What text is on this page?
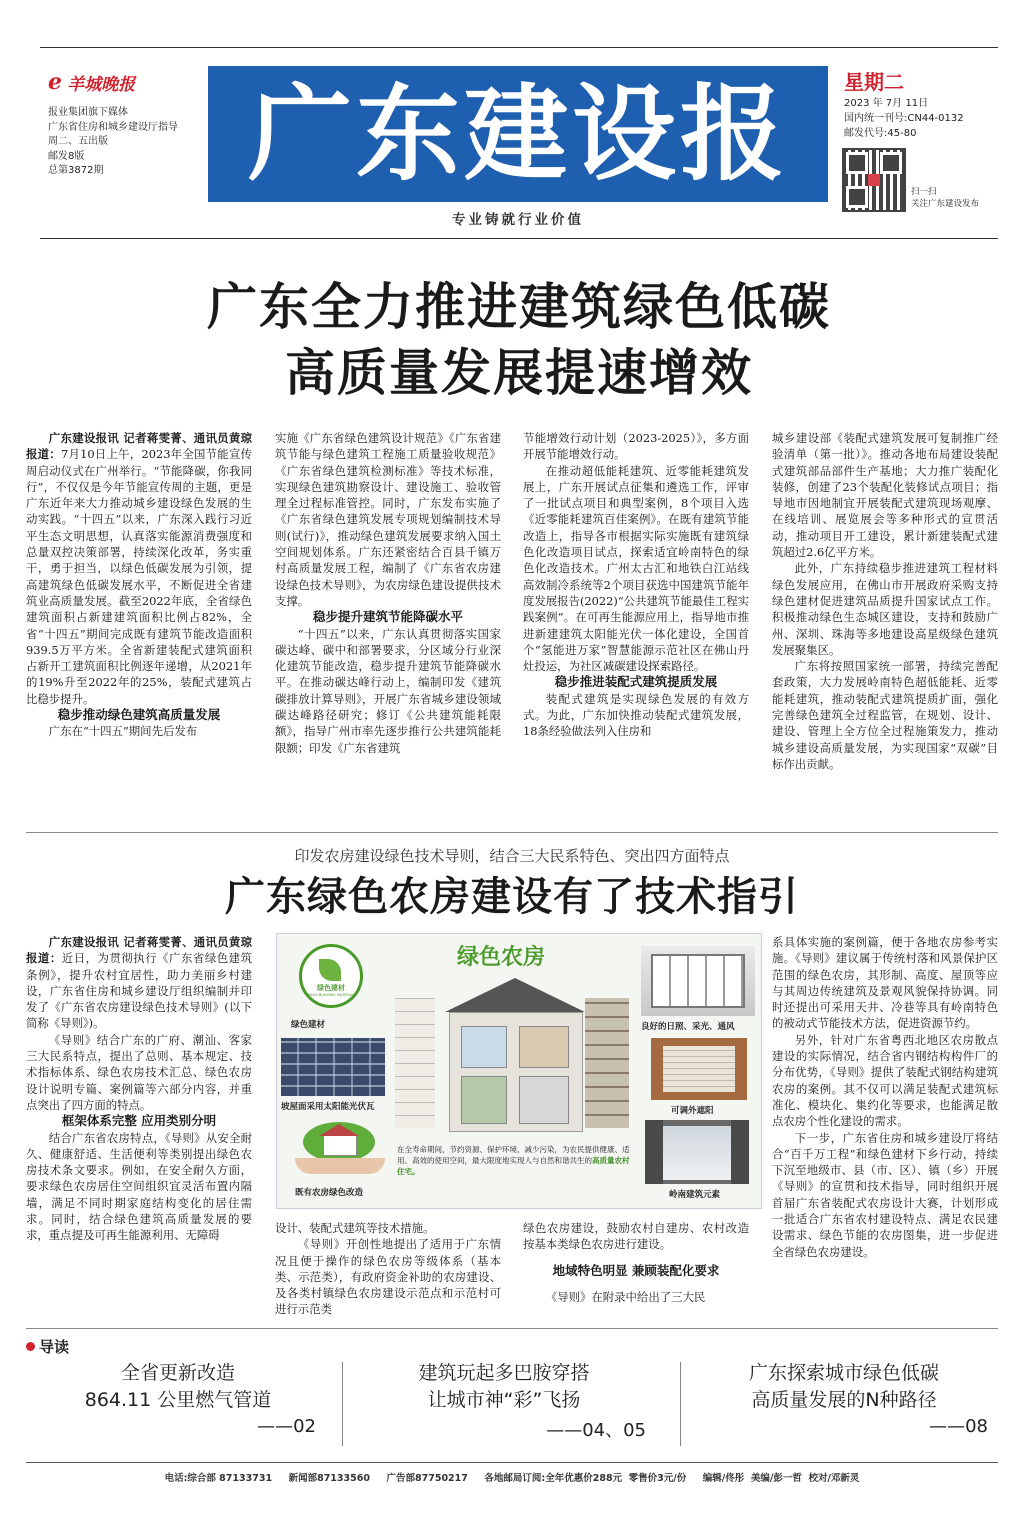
ℯ 羊城晚报
报业集团旗下媒体
广东省住房和城乡建设厅指导
周二、五出版
邮发8版
总第3872期	广东建设报
专业铸就行业价值
星期二
2023 年 7月 11日
国内统一刊号:CN44-0132
邮发代号:45-80
扫一扫
关注广东建设发布
广东全力推进建筑绿色低碳
高质量发展提速增效

广东建设报讯 记者蒋雯菁、通讯员黄琼报道：7月10日上午，2023年全国节能宣传周启动仪式在广州举行。“节能降碳，你我同行”，不仅仅是今年节能宣传周的主题，更是广东近年来大力推动城乡建设绿色发展的生动实践。“十四五”以来，广东深入践行习近平生态文明思想，认真落实能源消费强度和总量双控决策部署，持续深化改革，务实重干，勇于担当，以绿色低碳发展为引领，提高建筑绿色低碳发展水平，不断促进全省建筑业高质量发展。截至2022年底，全省绿色建筑面积占新建建筑面积比例占82%，全省“十四五”期间完成既有建筑节能改造面积939.5万平方米。全省新建装配式建筑面积占新开工建筑面积比例逐年递增，从2021年的19%升至2022年的25%，装配式建筑占比稳步提升。

稳步推动绿色建筑高质量发展

广东在“十四五”期间先后发布

实施《广东省绿色建筑设计规范》《广东省建筑节能与绿色建筑工程施工质量验收规范》《广东省绿色建筑检测标准》等技术标准，实现绿色建筑勘察设计、建设施工、验收管理全过程标准管控。同时，广东发布实施了《广东省绿色建筑发展专项规划编制技术导则(试行)》，推动绿色建筑发展要求纳入国土空间规划体系。广东还紧密结合百县千镇万村高质量发展工程，编制了《广东省农房建设绿色技术导则》，为农房绿色建设提供技术支撑。

稳步提升建筑节能降碳水平

“十四五”以来，广东认真贯彻落实国家碳达峰、碳中和部署要求，分区域分行业深化建筑节能改造，稳步提升建筑节能降碳水平。在推动碳达峰行动上，编制印发《建筑碳排放计算导则》，开展广东省城乡建设领域碳达峰路径研究；修订《公共建筑能耗限额》，指导广州市率先逐步推行公共建筑能耗限额；印发《广东省建筑

节能增效行动计划（2023-2025）》，多方面开展节能增效行动。

在推动超低能耗建筑、近零能耗建筑发展上，广东开展试点征集和遴选工作，评审了一批试点项目和典型案例，8个项目入选《近零能耗建筑百佳案例》。在既有建筑节能改造上，指导各市根据实际实施既有建筑绿色化改造项目试点，探索适宜岭南特色的绿色化改造技术。广州太古汇和地铁白江站线高效制冷系统等2个项目获选中国建筑节能年度发展报告(2022)“公共建筑节能最佳工程实践案例”。在可再生能源应用上，指导地市推进新建建筑太阳能光伏一体化建设，全国首个“氢能进万家”智慧能源示范社区在佛山丹灶投运，为社区减碳建设探索路径。

稳步推进装配式建筑提质发展

装配式建筑是实现绿色发展的有效方式。为此，广东加快推动装配式建筑发展，18条经验做法列入住房和

城乡建设部《装配式建筑发展可复制推广经验清单（第一批）》。推动各地布局建设装配式建筑部品部件生产基地；大力推广装配化装修，创建了23个装配化装修试点项目；指导地市因地制宜开展装配式建筑现场观摩、在线培训、展览展会等多种形式的宣贯活动，推动项目开工建设，累计新建装配式建筑超过2.6亿平方米。

此外，广东持续稳步推进建筑工程材料绿色发展应用，在佛山市开展政府采购支持绿色建材促进建筑品质提升国家试点工作。积极推动绿色生态城区建设，支持和鼓励广州、深圳、珠海等多地建设高星级绿色建筑发展聚集区。

广东将按照国家统一部署，持续完善配套政策，大力发展岭南特色超低能耗、近零能耗建筑，推动装配式建筑提质扩面，强化完善绿色建筑全过程监管，在规划、设计、建设、管理上全方位全过程施策发力，推动城乡建设高质量发展，为实现国家“双碳”目标作出贡献。

印发农房建设绿色技术导则，结合三大民系特色、突出四方面特点
广东绿色农房建设有了技术指引

广东建设报讯 记者蒋雯菁、通讯员黄琼报道：近日，为贯彻执行《广东省绿色建筑条例》，提升农村宜居性，助力美丽乡村建设，广东省住房和城乡建设厅组织编制并印发了《广东省农房建设绿色技术导则》(以下简称《导则》)。

《导则》结合广东的广府、潮汕、客家三大民系特点，提出了总则、基本规定、技术指标体系、绿色农房技术汇总、绿色农房设计说明专篇、案例篇等六部分内容，并重点突出了四方面的特点。

框架体系完整 应用类别分明

结合广东省农房特点，《导则》从安全耐久、健康舒适、生活便利等类别提出绿色农房技术条文要求。例如，在安全耐久方面，要求绿色农房居住空间组织宜灵活布置内隔墙，满足不同时期家庭结构变化的居住需求。同时，结合绿色建筑高质量发展的要求，重点提及可再生能源利用、无障碍

绿色农房
绿色建材
GREEN BUILDING MATERIALS
绿色建材
坡屋面采用太阳能光伏瓦
既有农房绿色改造
在全寿命期间，节约资源、保护环境、减少污染，为农民提供健康、适用、高效的使用空间，最大限度地实现人与自然和谐共生的高质量农村住宅。
良好的日照、采光、通风
可调外遮阳
岭南建筑元素

设计、装配式建筑等技术措施。

《导则》开创性地提出了适用于广东情况且便于操作的绿色农房等级体系（基本类、示范类），有政府资金补助的农房建设、及各类村镇绿色农房建设示范点和示范村可进行示范类

绿色农房建设，鼓励农村自建房、农村改造按基本类绿色农房进行建设。

地域特色明显 兼顾装配化要求

《导则》在附录中给出了三大民

系具体实施的案例篇，便于各地农房参考实施。《导则》建议属于传统村落和风景保护区范围的绿色农房，其形制、高度、屋顶等应与其周边传统建筑及景观风貌保持协调。同时还提出可采用天井、冷巷等具有岭南特色的被动式节能技术方法，促进资源节约。

另外，针对广东省粤西北地区农房散点建设的实际情况，结合省内钢结构构件厂的分布优势，《导则》提供了装配式钢结构建筑农房的案例。其不仅可以满足装配式建筑标准化、模块化、集约化等要求，也能满足散点农房个性化建设的需求。

下一步，广东省住房和城乡建设厅将结合“百千万工程”和绿色建材下乡行动，持续下沉至地级市、县（市、区）、镇（乡）开展《导则》的宣贯和技术指导，同时组织开展首届广东省装配式农房设计大赛，计划形成一批适合广东省农村建设特点、满足农民建设需求、绿色节能的农房图集，进一步促进全省绿色农房建设。

导读
全省更新改造
864.11 公里燃气管道
——02
建筑玩起多巴胺穿搭
让城市神“彩”飞扬
——04、05
广东探索城市绿色低碳
高质量发展的N种路径
——08
电话:综合部 87133731     新闻部87133560     广告部87750217     各地邮局订阅:全年优惠价288元  零售价3元/份     编辑/佟彤  美编/彭一哲  校对/邓新灵
